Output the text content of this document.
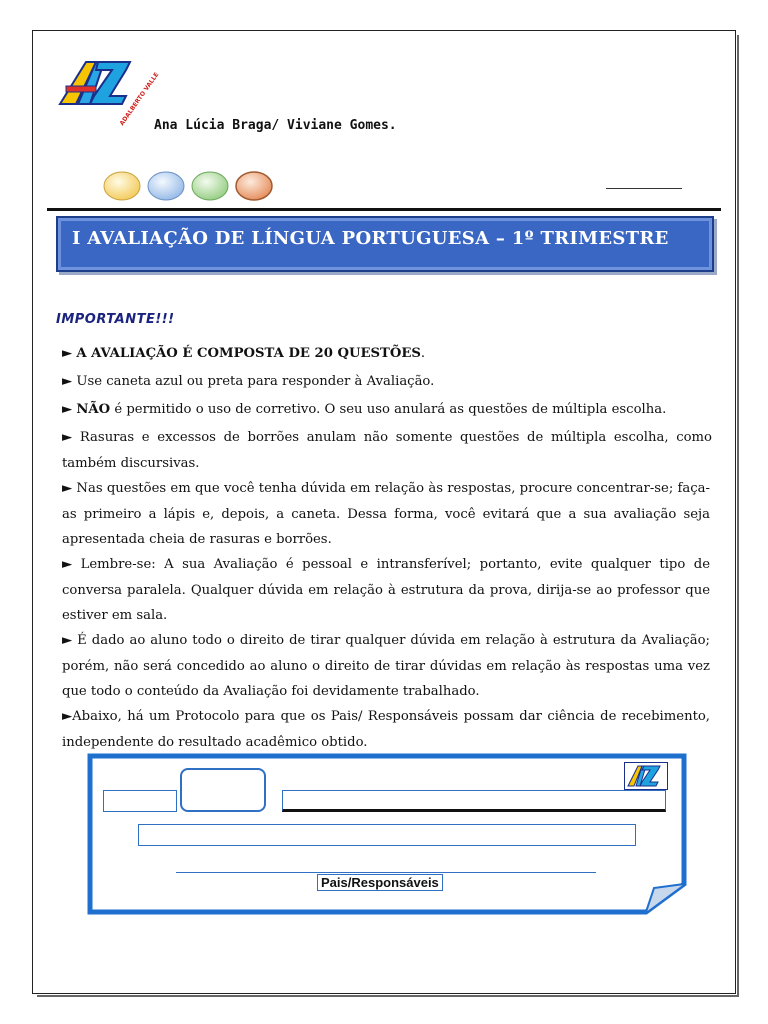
ADALBERTO VALLE
Ana Lúcia Braga/ Viviane Gomes.
I AVALIAÇÃO DE LÍNGUA PORTUGUESA – 1º TRIMESTRE
IMPORTANTE!!!
► A AVALIAÇÃO É COMPOSTA DE 20 QUESTÕES.
► Use caneta azul ou preta para responder à Avaliação.
► NÃO é permitido o uso de corretivo. O seu uso anulará as questões de múltipla escolha.
► Rasuras e excessos de borrões anulam não somente questões de múltipla escolha, como também discursivas.
► Nas questões em que você tenha dúvida em relação às respostas, procure concentrar-se; faça-as primeiro a lápis e, depois, a caneta. Dessa forma, você evitará que a sua avaliação seja apresentada cheia de rasuras e borrões.
► Lembre-se: A sua Avaliação é pessoal e intransferível; portanto, evite qualquer tipo de conversa paralela. Qualquer dúvida em relação à estrutura da prova, dirija-se ao professor que estiver em sala.
► É dado ao aluno todo o direito de tirar qualquer dúvida em relação à estrutura da Avaliação; porém, não será concedido ao aluno o direito de tirar dúvidas em relação às respostas uma vez que todo o conteúdo da Avaliação foi devidamente trabalhado.
►Abaixo, há um Protocolo para que os Pais/ Responsáveis possam dar ciência de recebimento, independente do resultado acadêmico obtido.
Pais/Responsáveis
